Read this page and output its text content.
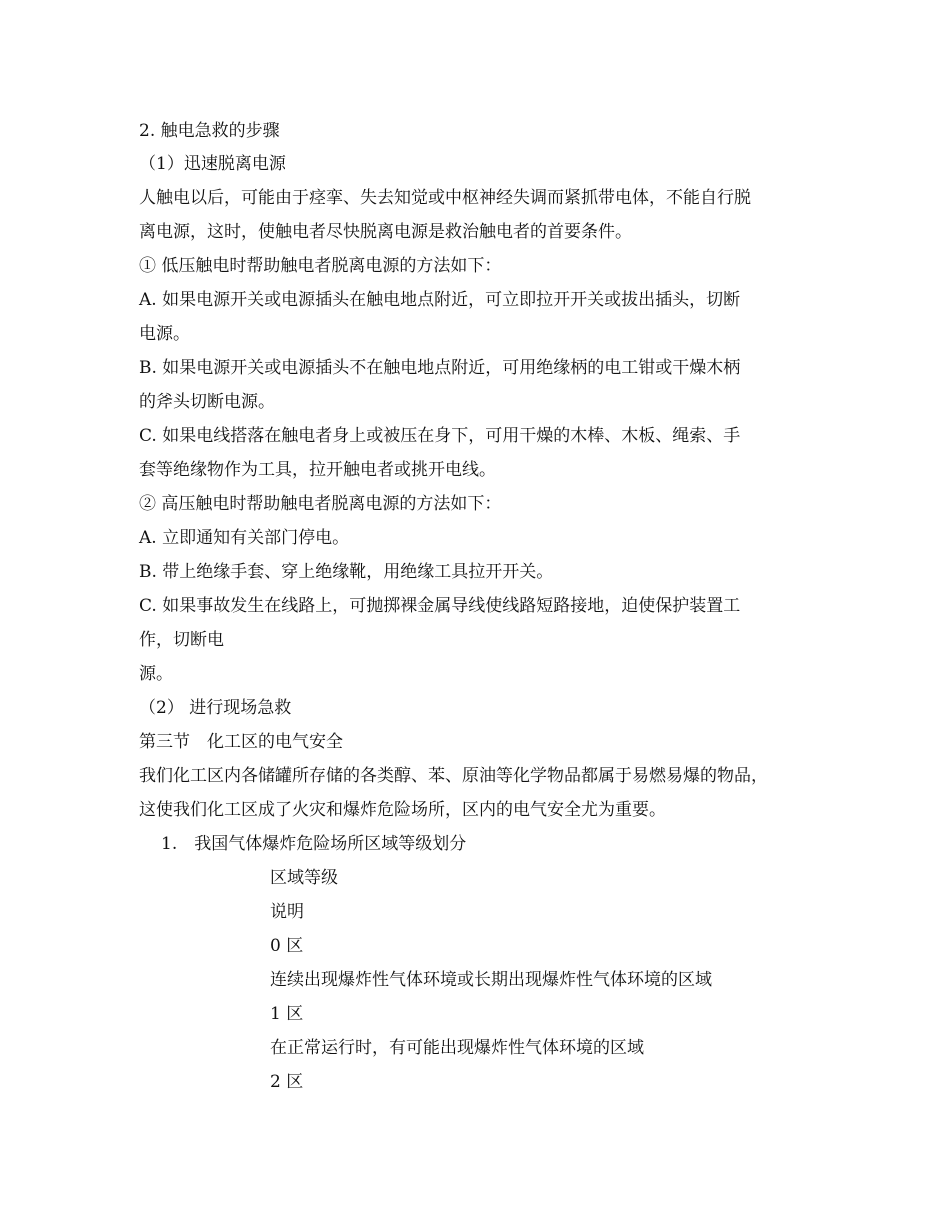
2. 触电急救的步骤
（1）迅速脱离电源
人触电以后，可能由于痉挛、失去知觉或中枢神经失调而紧抓带电体，不能自行脱
离电源，这时，使触电者尽快脱离电源是救治触电者的首要条件。
① 低压触电时帮助触电者脱离电源的方法如下：
A. 如果电源开关或电源插头在触电地点附近，可立即拉开开关或拔出插头，切断
电源。
B. 如果电源开关或电源插头不在触电地点附近，可用绝缘柄的电工钳或干燥木柄
的斧头切断电源。
C. 如果电线搭落在触电者身上或被压在身下，可用干燥的木棒、木板、绳索、手
套等绝缘物作为工具，拉开触电者或挑开电线。
② 高压触电时帮助触电者脱离电源的方法如下：
A. 立即通知有关部门停电。
B. 带上绝缘手套、穿上绝缘靴，用绝缘工具拉开开关。
C. 如果事故发生在线路上，可抛掷裸金属导线使线路短路接地，迫使保护装置工
作，切断电
源。
（2） 进行现场急救
第三节　化工区的电气安全
我们化工区内各储罐所存储的各类醇、苯、原油等化学物品都属于易燃易爆的物品，
这使我们化工区成了火灾和爆炸危险场所，区内的电气安全尤为重要。
1.　我国气体爆炸危险场所区域等级划分
区域等级
说明
0 区
连续出现爆炸性气体环境或长期出现爆炸性气体环境的区域
1 区
在正常运行时，有可能出现爆炸性气体环境的区域
2 区
